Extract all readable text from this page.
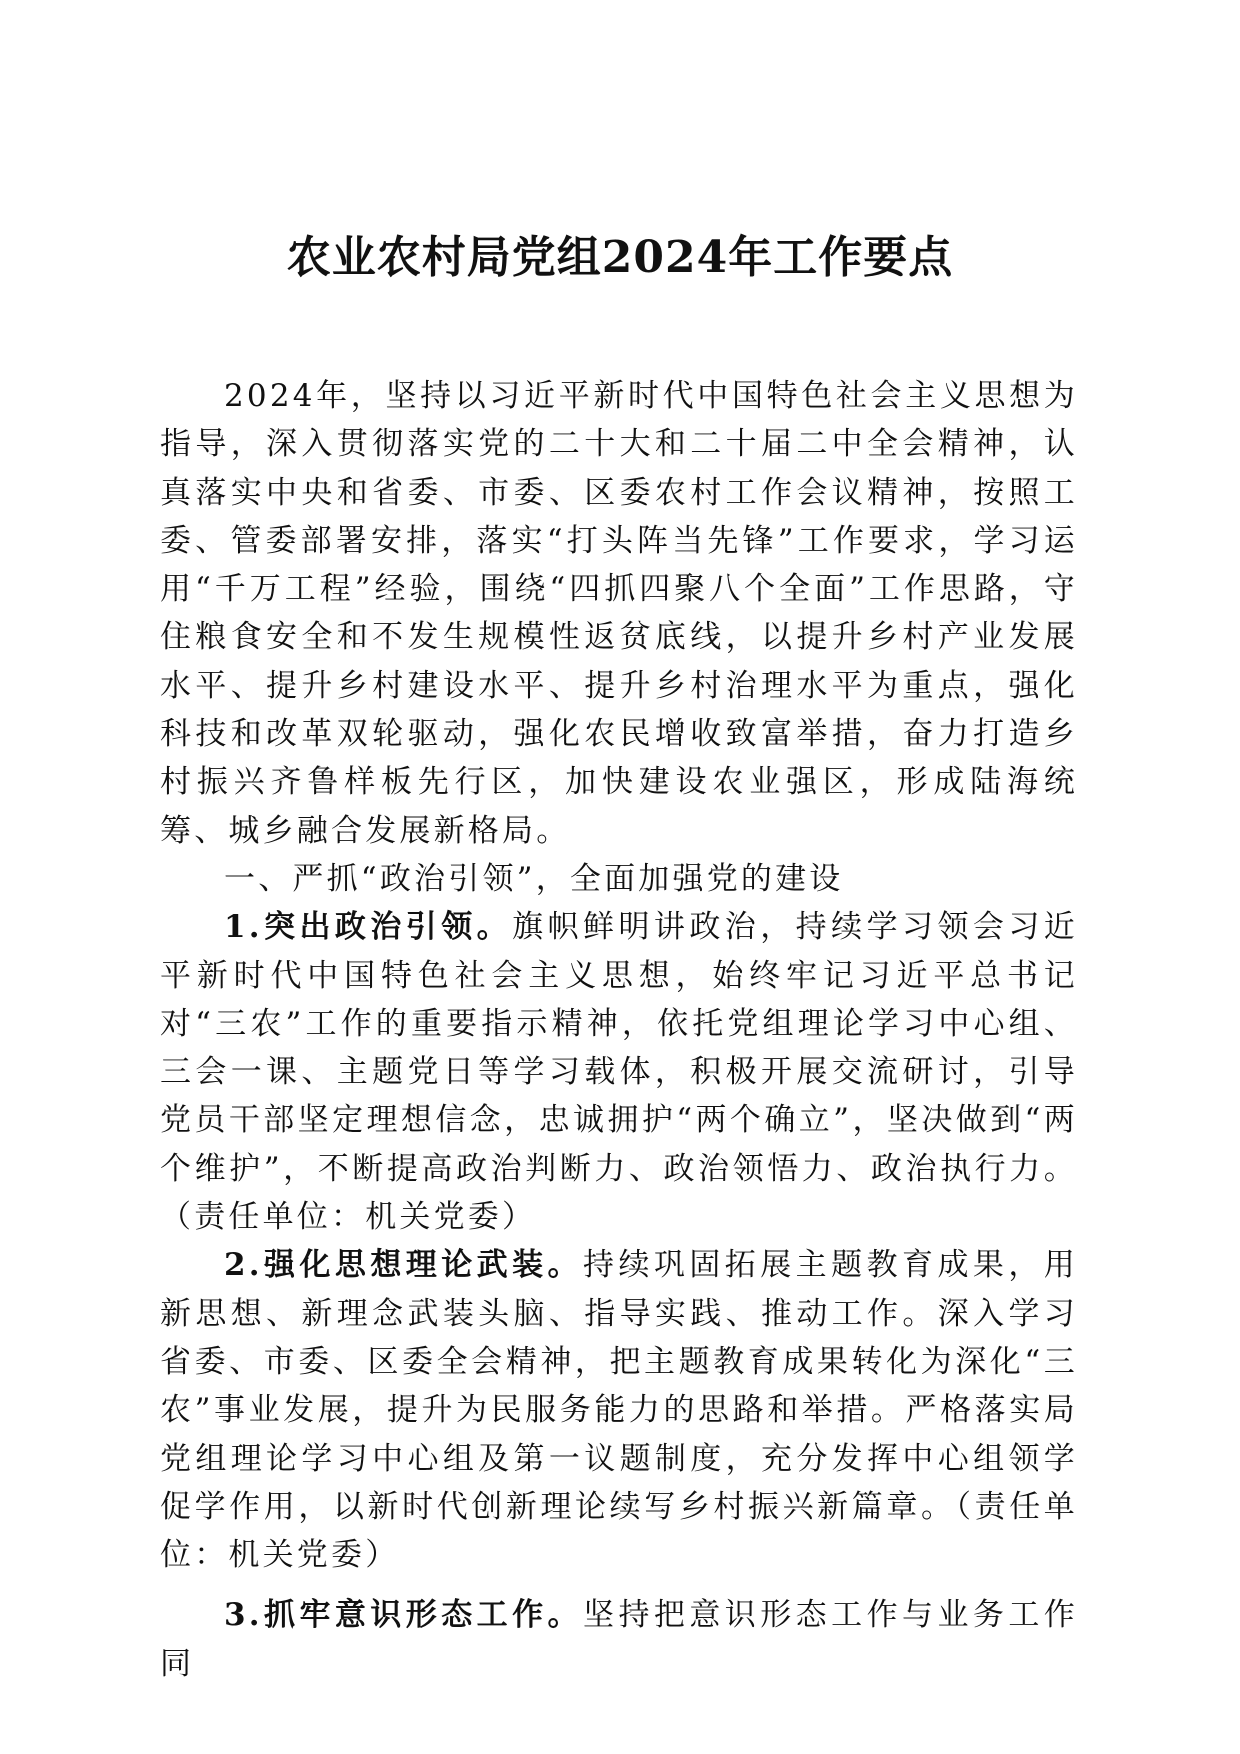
农业农村局党组2024年工作要点

2024年，坚持以习近平新时代中国特色社会主义思想为指导，深入贯彻落实党的二十大和二十届二中全会精神，认真落实中央和省委、市委、区委农村工作会议精神，按照工委、管委部署安排，落实“打头阵当先锋”工作要求，学习运用“千万工程”经验，围绕“四抓四聚八个全面”工作思路，守住粮食安全和不发生规模性返贫底线，以提升乡村产业发展水平、提升乡村建设水平、提升乡村治理水平为重点，强化科技和改革双轮驱动，强化农民增收致富举措，奋力打造乡村振兴齐鲁样板先行区，加快建设农业强区，形成陆海统筹、城乡融合发展新格局。

一、严抓“政治引领”，全面加强党的建设

1.突出政治引领。旗帜鲜明讲政治，持续学习领会习近平新时代中国特色社会主义思想，始终牢记习近平总书记对“三农”工作的重要指示精神，依托党组理论学习中心组、三会一课、主题党日等学习载体，积极开展交流研讨，引导党员干部坚定理想信念，忠诚拥护“两个确立”，坚决做到“两个维护”，不断提高政治判断力、政治领悟力、政治执行力。（责任单位：机关党委）

2.强化思想理论武装。持续巩固拓展主题教育成果，用新思想、新理念武装头脑、指导实践、推动工作。深入学习省委、市委、区委全会精神，把主题教育成果转化为深化“三农”事业发展，提升为民服务能力的思路和举措。严格落实局党组理论学习中心组及第一议题制度，充分发挥中心组领学促学作用，以新时代创新理论续写乡村振兴新篇章。（责任单位：机关党委）

3.抓牢意识形态工作。坚持把意识形态工作与业务工作同
